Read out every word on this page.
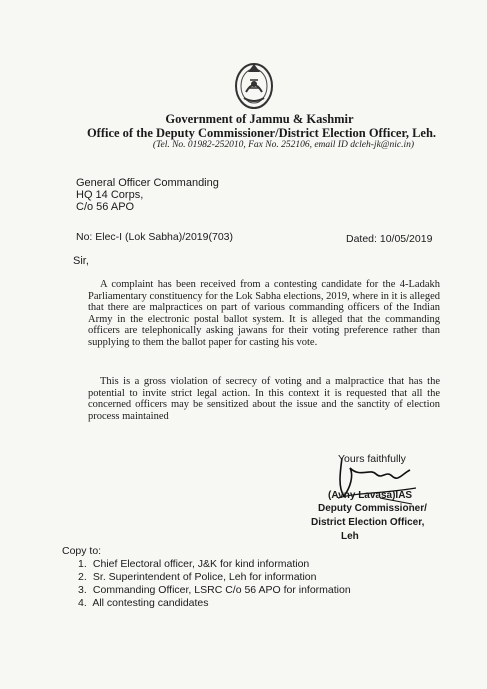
Government of Jammu & Kashmir
Office of the Deputy Commissioner/District Election Officer, Leh.
(Tel. No. 01982-252010, Fax No. 252106, email ID dcleh-jk@nic.in)
General Officer Commanding
HQ 14 Corps,
C/o 56 APO
No: Elec-I (Lok Sabha)/2019(703)	Dated: 10/05/2019
Sir,
A complaint has been received from a contesting candidate for the 4-Ladakh Parliamentary constituency for the Lok Sabha elections, 2019, where in it is alleged that there are malpractices on part of various commanding officers of the Indian Army in the electronic postal ballot system. It is alleged that the commanding officers are telephonically asking jawans for their voting preference rather than supplying to them the ballot paper for casting his vote.
This is a gross violation of secrecy of voting and a malpractice that has the potential to invite strict legal action. In this context it is requested that all the concerned officers may be sensitized about the issue and the sanctity of election process maintained
Yours faithfully
(Avny Lavasa)IAS
Deputy Commissioner/
District Election Officer,
Leh
Copy to:
1. Chief Electoral officer, J&K for kind information
2. Sr. Superintendent of Police, Leh for information
3. Commanding Officer, LSRC C/o 56 APO for information
4. All contesting candidates
